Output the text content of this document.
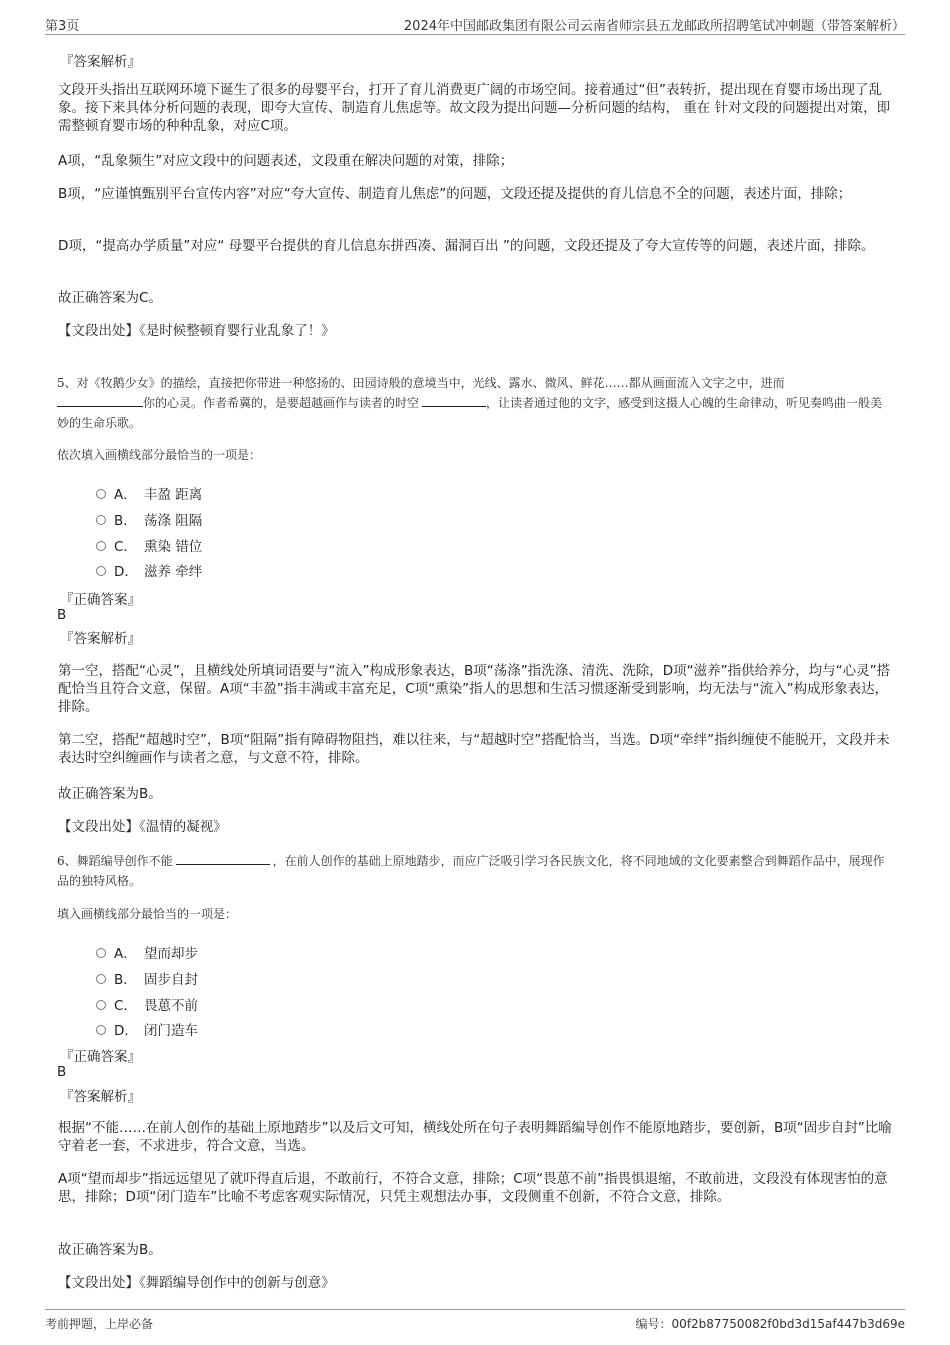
第3页	2024年中国邮政集团有限公司云南省师宗县五龙邮政所招聘笔试冲刺题（带答案解析）
『答案解析』
文段开头指出互联网环境下诞生了很多的母婴平台，打开了育儿消费更广阔的市场空间。接着通过“但”表转折，提出现在育婴市场出现了乱象。接下来具体分析问题的表现，即夸大宣传、制造育儿焦虑等。故文段为提出问题—分析问题的结构， 重在 针对文段的问题提出对策，即需整顿育婴市场的种种乱象，对应C项。
A项，“乱象频生”对应文段中的问题表述，文段重在解决问题的对策，排除；
B项，“应谨慎甄别平台宣传内容”对应“夸大宣传、制造育儿焦虑”的问题，文段还提及提供的育儿信息不全的问题，表述片面，排除；
D项，“提高办学质量”对应“ 母婴平台提供的育儿信息东拼西凑、漏洞百出 ”的问题，文段还提及了夸大宣传等的问题，表述片面，排除。
故正确答案为C。
【文段出处】《是时候整顿育婴行业乱象了！》
5、对《牧鹅少女》的描绘，直接把你带进一种悠扬的、田园诗般的意境当中，光线、露水、微风、鲜花……都从画面流入文字之中，进而
你的心灵。作者希冀的，是要超越画作与读者的时空	，让读者通过他的文字，感受到这摄人心魄的生命律动，听见奏鸣曲一般美妙的生命乐歌。
依次填入画横线部分最恰当的一项是：
A． 丰盈 距离
B． 荡涤 阻隔
C． 熏染 错位
D． 滋养 牵绊
『正确答案』
B
『答案解析』
第一空，搭配“心灵”，且横线处所填词语要与“流入”构成形象表达，B项“荡涤”指洗涤、清洗、洗除，D项“滋养”指供给养分，均与“心灵”搭配恰当且符合文意，保留。A项“丰盈”指丰满或丰富充足，C项“熏染”指人的思想和生活习惯逐渐受到影响，均无法与“流入”构成形象表达，排除。
第二空，搭配“超越时空”，B项“阻隔”指有障碍物阻挡，难以往来，与“超越时空”搭配恰当，当选。D项“牵绊”指纠缠使不能脱开，文段并未表达时空纠缠画作与读者之意，与文意不符，排除。
故正确答案为B。
【文段出处】《温情的凝视》
6、舞蹈编导创作不能	，在前人创作的基础上原地踏步，而应广泛吸引学习各民族文化，将不同地域的文化要素整合到舞蹈作品中，展现作品的独特风格。
填入画横线部分最恰当的一项是：
A． 望而却步
B． 固步自封
C． 畏葸不前
D． 闭门造车
『正确答案』
B
『答案解析』
根据“不能……在前人创作的基础上原地踏步”以及后文可知，横线处所在句子表明舞蹈编导创作不能原地踏步，要创新，B项“固步自封”比喻守着老一套，不求进步，符合文意，当选。
A项“望而却步”指远远望见了就吓得直后退，不敢前行，不符合文意，排除；C项“畏葸不前”指畏惧退缩，不敢前进，文段没有体现害怕的意思，排除；D项“闭门造车”比喻不考虑客观实际情况，只凭主观想法办事，文段侧重不创新，不符合文意，排除。
故正确答案为B。
【文段出处】《舞蹈编导创作中的创新与创意》
考前押题，上岸必备	编号：00f2b87750082f0bd3d15af447b3d69e
